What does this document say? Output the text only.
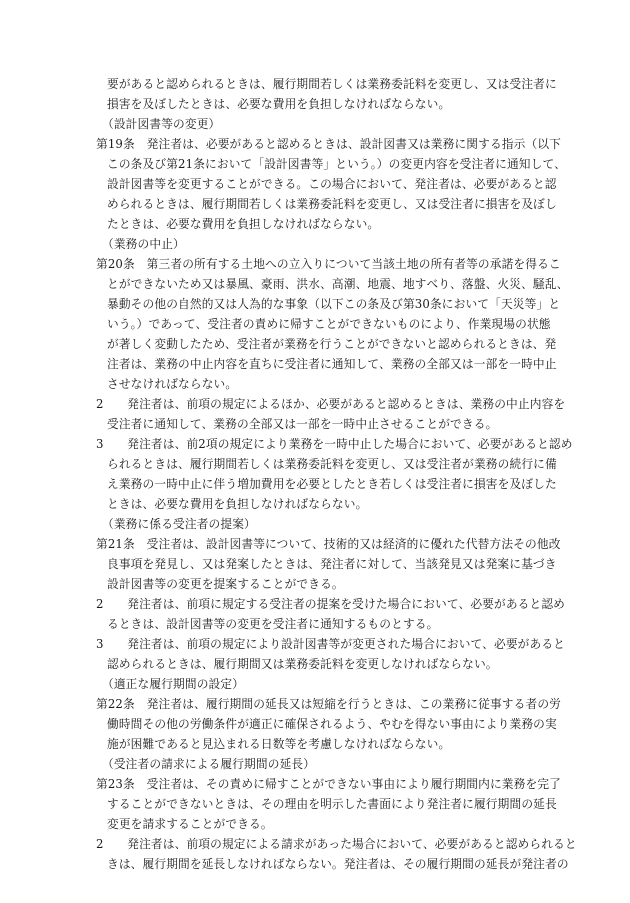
要があると認められるときは、履行期間若しくは業務委託料を変更し、又は受注者に
損害を及ぼしたときは、必要な費用を負担しなければならない。
（設計図書等の変更）
第19条　発注者は、必要があると認めるときは、設計図書又は業務に関する指示（以下
この条及び第21条において「設計図書等」という。）の変更内容を受注者に通知して、
設計図書等を変更することができる。この場合において、発注者は、必要があると認
められるときは、履行期間若しくは業務委託料を変更し、又は受注者に損害を及ぼし
たときは、必要な費用を負担しなければならない。
（業務の中止）
第20条　第三者の所有する土地への立入りについて当該土地の所有者等の承諾を得るこ
とができないため又は暴風、豪雨、洪水、高潮、地震、地すべり、落盤、火災、騒乱、
暴動その他の自然的又は人為的な事象（以下この条及び第30条において「天災等」と
いう。）であって、受注者の責めに帰すことができないものにより、作業現場の状態
が著しく変動したため、受注者が業務を行うことができないと認められるときは、発
注者は、業務の中止内容を直ちに受注者に通知して、業務の全部又は一部を一時中止
させなければならない。
2　　発注者は、前項の規定によるほか、必要があると認めるときは、業務の中止内容を
受注者に通知して、業務の全部又は一部を一時中止させることができる。
3　　発注者は、前2項の規定により業務を一時中止した場合において、必要があると認め
られるときは、履行期間若しくは業務委託料を変更し、又は受注者が業務の続行に備
え業務の一時中止に伴う増加費用を必要としたとき若しくは受注者に損害を及ぼした
ときは、必要な費用を負担しなければならない。
（業務に係る受注者の提案）
第21条　受注者は、設計図書等について、技術的又は経済的に優れた代替方法その他改
良事項を発見し、又は発案したときは、発注者に対して、当該発見又は発案に基づき
設計図書等の変更を提案することができる。
2　　発注者は、前項に規定する受注者の提案を受けた場合において、必要があると認め
るときは、設計図書等の変更を受注者に通知するものとする。
3　　発注者は、前項の規定により設計図書等が変更された場合において、必要があると
認められるときは、履行期間又は業務委託料を変更しなければならない。
（適正な履行期間の設定）
第22条　発注者は、履行期間の延長又は短縮を行うときは、この業務に従事する者の労
働時間その他の労働条件が適正に確保されるよう、やむを得ない事由により業務の実
施が困難であると見込まれる日数等を考慮しなければならない。
（受注者の請求による履行期間の延長）
第23条　受注者は、その責めに帰すことができない事由により履行期間内に業務を完了
することができないときは、その理由を明示した書面により発注者に履行期間の延長
変更を請求することができる。
2　　発注者は、前項の規定による請求があった場合において、必要があると認められると
きは、履行期間を延長しなければならない。発注者は、その履行期間の延長が発注者の
